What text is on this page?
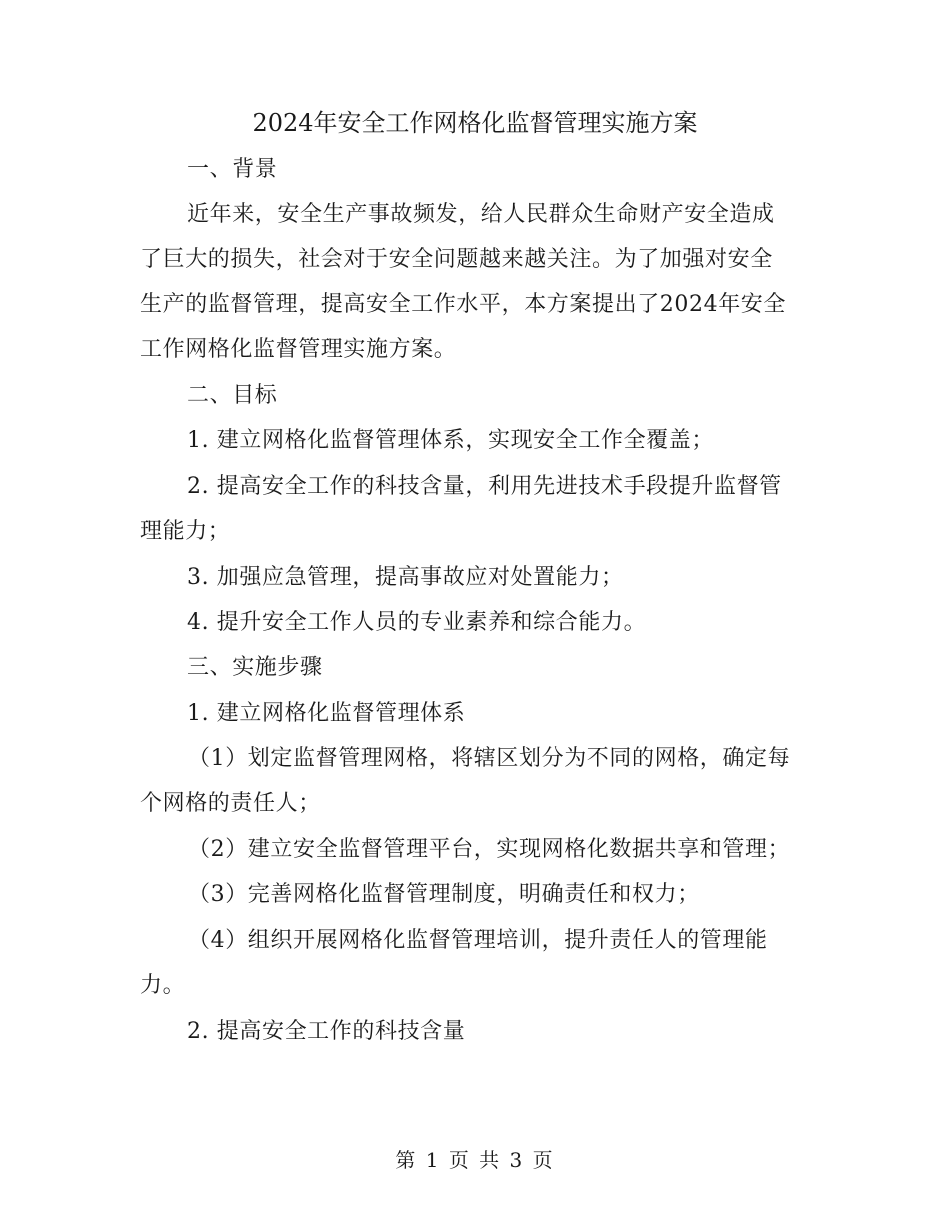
2024年安全工作网格化监督管理实施方案
一、背景
近年来，安全生产事故频发，给人民群众生命财产安全造成
了巨大的损失，社会对于安全问题越来越关注。为了加强对安全
生产的监督管理，提高安全工作水平，本方案提出了2024年安全
工作网格化监督管理实施方案。
二、目标
1. 建立网格化监督管理体系，实现安全工作全覆盖；
2. 提高安全工作的科技含量，利用先进技术手段提升监督管
理能力；
3. 加强应急管理，提高事故应对处置能力；
4. 提升安全工作人员的专业素养和综合能力。
三、实施步骤
1. 建立网格化监督管理体系
（1）划定监督管理网格，将辖区划分为不同的网格，确定每
个网格的责任人；
（2）建立安全监督管理平台，实现网格化数据共享和管理；
（3）完善网格化监督管理制度，明确责任和权力；
（4）组织开展网格化监督管理培训，提升责任人的管理能
力。
2. 提高安全工作的科技含量
第 1 页 共 3 页
